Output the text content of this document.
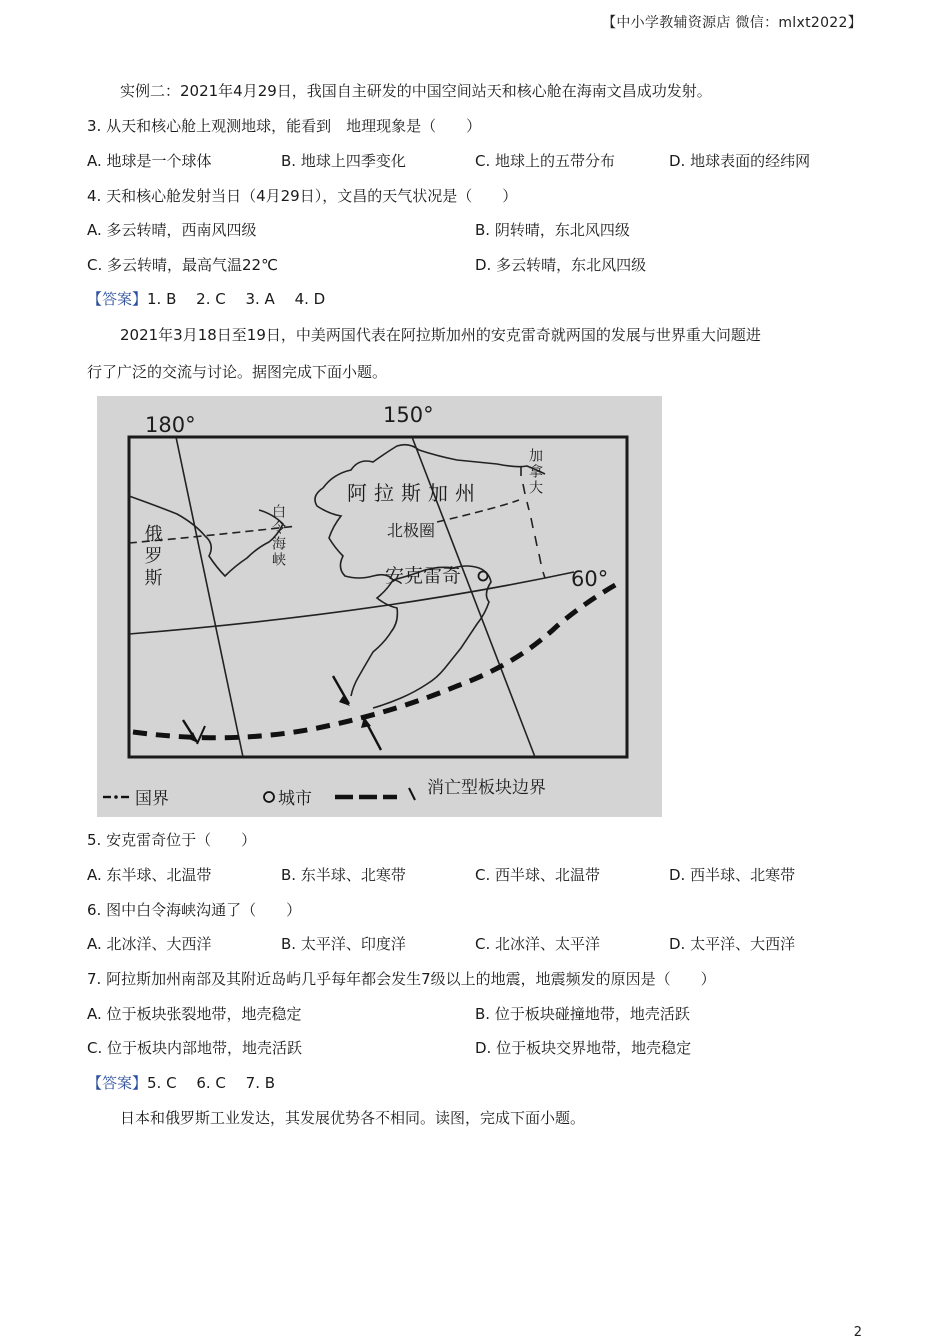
【中小学教辅资源店 微信：mlxt2022】
实例二：2021年4月29日，我国自主研发的中国空间站天和核心舱在海南文昌成功发射。
3. 从天和核心舱上观测地球，能看到　地理现象是（　　）
A. 地球是一个球体	B. 地球上四季变化	C. 地球上的五带分布	D. 地球表面的经纬网
4. 天和核心舱发射当日（4月29日），文昌的天气状况是（　　）
A. 多云转晴，西南风四级	B. 阴转晴，东北风四级
C. 多云转晴，最高气温22℃	D. 多云转晴，东北风四级
【答案】1. B　 2. C　 3. A　 4. D
2021年3月18日至19日，中美两国代表在阿拉斯加州的安克雷奇就两国的发展与世界重大问题进
行了广泛的交流与讨论。据图完成下面小题。
180°	150°
60°
阿拉斯加州
北极圈
安克雷奇
白令海峡
加拿大
俄罗斯
国界	城市
消亡型板块边界
5. 安克雷奇位于（　　）
A. 东半球、北温带	B. 东半球、北寒带	C. 西半球、北温带	D. 西半球、北寒带
6. 图中白令海峡沟通了（　　）
A. 北冰洋、大西洋	B. 太平洋、印度洋	C. 北冰洋、太平洋	D. 太平洋、大西洋
7. 阿拉斯加州南部及其附近岛屿几乎每年都会发生7级以上的地震，地震频发的原因是（　　）
A. 位于板块张裂地带，地壳稳定	B. 位于板块碰撞地带，地壳活跃
C. 位于板块内部地带，地壳活跃	D. 位于板块交界地带，地壳稳定
【答案】5. C　 6. C　 7. B
日本和俄罗斯工业发达，其发展优势各不相同。读图，完成下面小题。
2
